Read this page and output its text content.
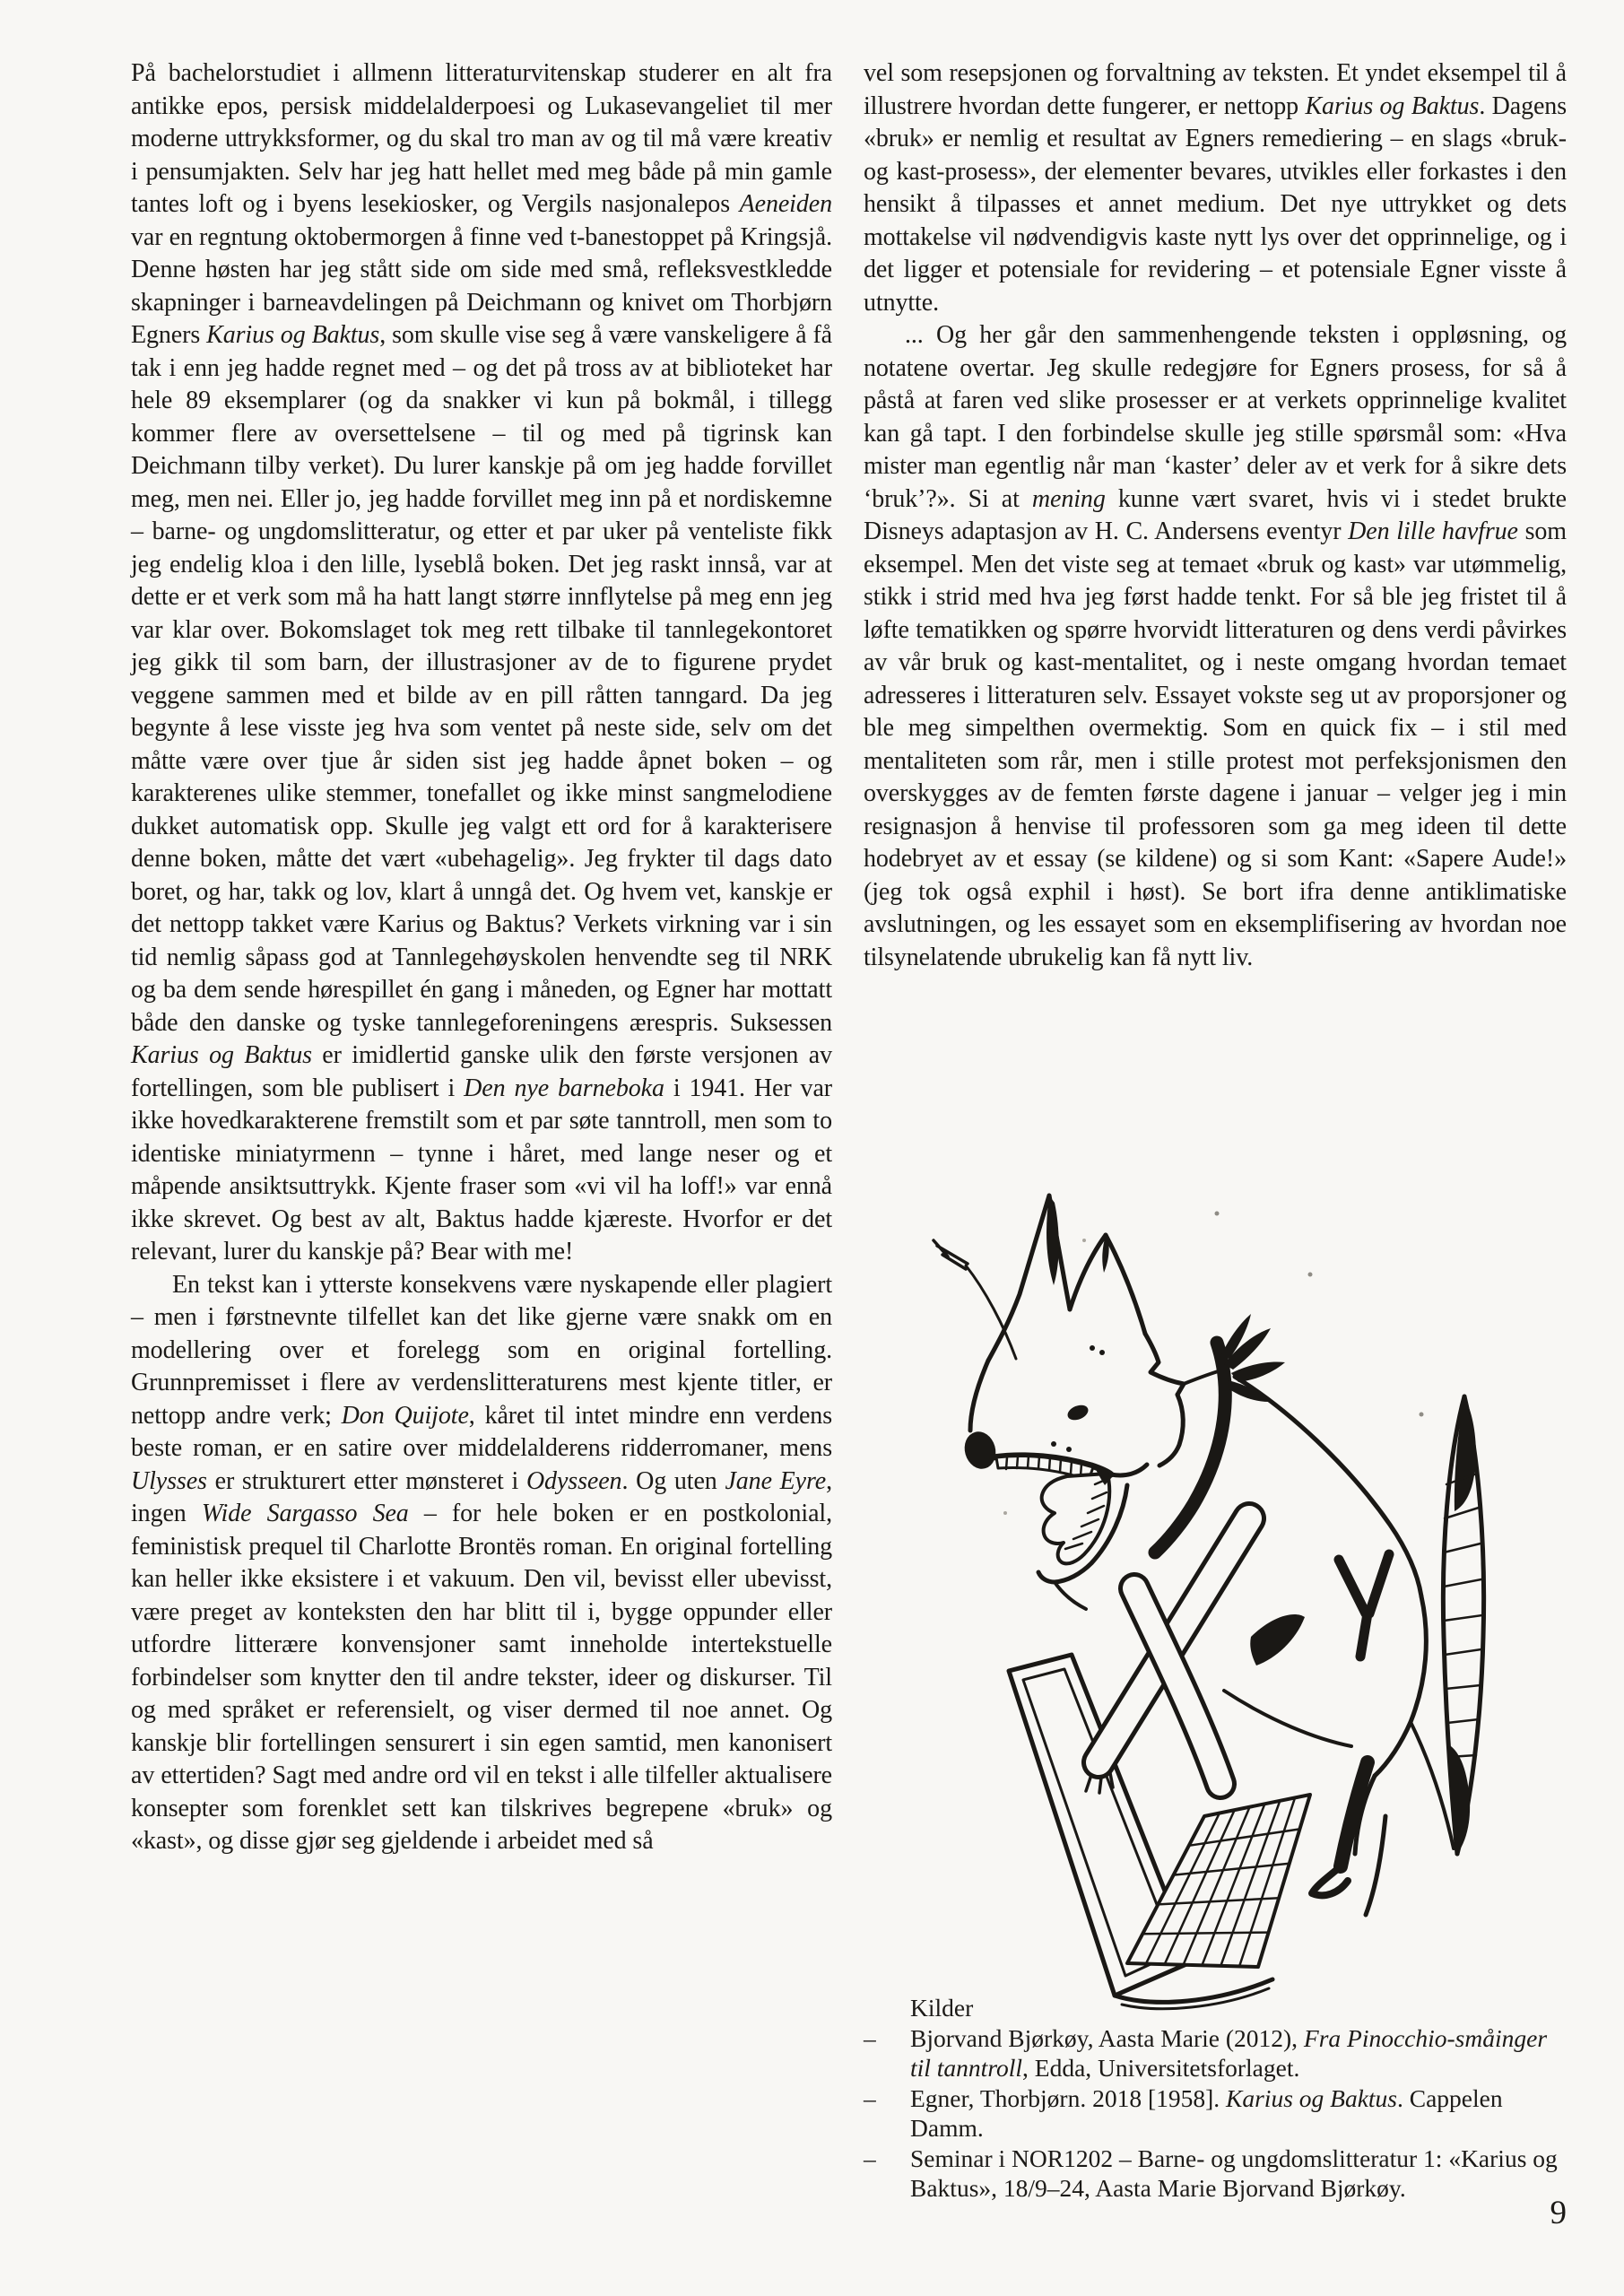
På bachelorstudiet i allmenn litteraturvitenskap studerer en alt fra antikke epos, persisk middelalderpoesi og Lukasevangeliet til mer moderne uttrykksformer, og du skal tro man av og til må være kreativ i pensumjakten. Selv har jeg hatt hellet med meg både på min gamle tantes loft og i byens lesekiosker, og Vergils nasjonalepos Aeneiden var en regntung oktobermorgen å finne ved t-banestoppet på Kringsjå. Denne høsten har jeg stått side om side med små, refleksvestkledde skapninger i barneavdelingen på Deichmann og knivet om Thorbjørn Egners Karius og Baktus, som skulle vise seg å være vanskeligere å få tak i enn jeg hadde regnet med – og det på tross av at biblioteket har hele 89 eksemplarer (og da snakker vi kun på bokmål, i tillegg kommer flere av oversettelsene – til og med på tigrinsk kan Deichmann tilby verket). Du lurer kanskje på om jeg hadde forvillet meg, men nei. Eller jo, jeg hadde forvillet meg inn på et nordiskemne – barne- og ungdomslitteratur, og etter et par uker på venteliste fikk jeg endelig kloa i den lille, lyseblå boken. Det jeg raskt innså, var at dette er et verk som må ha hatt langt større innflytelse på meg enn jeg var klar over. Bokomslaget tok meg rett tilbake til tannlegekontoret jeg gikk til som barn, der illustrasjoner av de to figurene prydet veggene sammen med et bilde av en pill råtten tanngard. Da jeg begynte å lese visste jeg hva som ventet på neste side, selv om det måtte være over tjue år siden sist jeg hadde åpnet boken – og karakterenes ulike stemmer, tonefallet og ikke minst sangmelodiene dukket automatisk opp. Skulle jeg valgt ett ord for å karakterisere denne boken, måtte det vært «ubehagelig». Jeg frykter til dags dato boret, og har, takk og lov, klart å unngå det. Og hvem vet, kanskje er det nettopp takket være Karius og Baktus? Verkets virkning var i sin tid nemlig såpass god at Tannlegehøyskolen henvendte seg til NRK og ba dem sende hørespillet én gang i måneden, og Egner har mottatt både den danske og tyske tannlegeforeningens ærespris. Suksessen Karius og Baktus er imidlertid ganske ulik den første versjonen av fortellingen, som ble publisert i Den nye barneboka i 1941. Her var ikke hovedkarakterene fremstilt som et par søte tanntroll, men som to identiske miniatyrmenn – tynne i håret, med lange neser og et måpende ansiktsuttrykk. Kjente fraser som «vi vil ha loff!» var ennå ikke skrevet. Og best av alt, Baktus hadde kjæreste. Hvorfor er det relevant, lurer du kanskje på? Bear with me!

En tekst kan i ytterste konsekvens være nyskapende eller plagiert – men i førstnevnte tilfellet kan det like gjerne være snakk om en modellering over et forelegg som en original fortelling. Grunnpremisset i flere av verdenslitteraturens mest kjente titler, er nettopp andre verk; Don Quijote, kåret til intet mindre enn verdens beste roman, er en satire over middelalderens ridderromaner, mens Ulysses er strukturert etter mønsteret i Odysseen. Og uten Jane Eyre, ingen Wide Sargasso Sea – for hele boken er en postkolonial, feministisk prequel til Charlotte Brontës roman. En original fortelling kan heller ikke eksistere i et vakuum. Den vil, bevisst eller ubevisst, være preget av konteksten den har blitt til i, bygge oppunder eller utfordre litterære konvensjoner samt inneholde intertekstuelle forbindelser som knytter den til andre tekster, ideer og diskurser. Til og med språket er referensielt, og viser dermed til noe annet. Og kanskje blir fortellingen sensurert i sin egen samtid, men kanonisert av ettertiden? Sagt med andre ord vil en tekst i alle tilfeller aktualisere konsepter som forenklet sett kan tilskrives begrepene «bruk» og «kast», og disse gjør seg gjeldende i arbeidet med så

vel som resepsjonen og forvaltning av teksten. Et yndet eksempel til å illustrere hvordan dette fungerer, er nettopp Karius og Baktus. Dagens «bruk» er nemlig et resultat av Egners remediering – en slags «bruk- og kast-prosess», der elementer bevares, utvikles eller forkastes i den hensikt å tilpasses et annet medium. Det nye uttrykket og dets mottakelse vil nødvendigvis kaste nytt lys over det opprinnelige, og i det ligger et potensiale for revidering – et potensiale Egner visste å utnytte.

... Og her går den sammenhengende teksten i oppløsning, og notatene overtar. Jeg skulle redegjøre for Egners prosess, for så å påstå at faren ved slike prosesser er at verkets opprinnelige kvalitet kan gå tapt. I den forbindelse skulle jeg stille spørsmål som: «Hva mister man egentlig når man ‘kaster’ deler av et verk for å sikre dets ‘bruk’?». Si at mening kunne vært svaret, hvis vi i stedet brukte Disneys adaptasjon av H. C. Andersens eventyr Den lille havfrue som eksempel. Men det viste seg at temaet «bruk og kast» var utømmelig, stikk i strid med hva jeg først hadde tenkt. For så ble jeg fristet til å løfte tematikken og spørre hvorvidt litteraturen og dens verdi påvirkes av vår bruk og kast-mentalitet, og i neste omgang hvordan temaet adresseres i litteraturen selv. Essayet vokste seg ut av proporsjoner og ble meg simpelthen overmektig. Som en quick fix – i stil med mentaliteten som rår, men i stille protest mot perfeksjonismen den overskygges av de femten første dagene i januar – velger jeg i min resignasjon å henvise til professoren som ga meg ideen til dette hodebryet av et essay (se kildene) og si som Kant: «Sapere Aude!» (jeg tok også exphil i høst). Se bort ifra denne antiklimatiske avslutningen, og les essayet som en eksemplifisering av hvordan noe tilsynelatende ubrukelig kan få nytt liv.

Kilder
–	Bjorvand Bjørkøy, Aasta Marie (2012), Fra Pinocchio-småinger til tanntroll, Edda, Universitetsforlaget.
–	Egner, Thorbjørn. 2018 [1958]. Karius og Baktus. Cappelen Damm.
–	Seminar i NOR1202 – Barne- og ungdomslitteratur 1: «Karius og Baktus», 18/9–24, Aasta Marie Bjorvand Bjørkøy.
9
